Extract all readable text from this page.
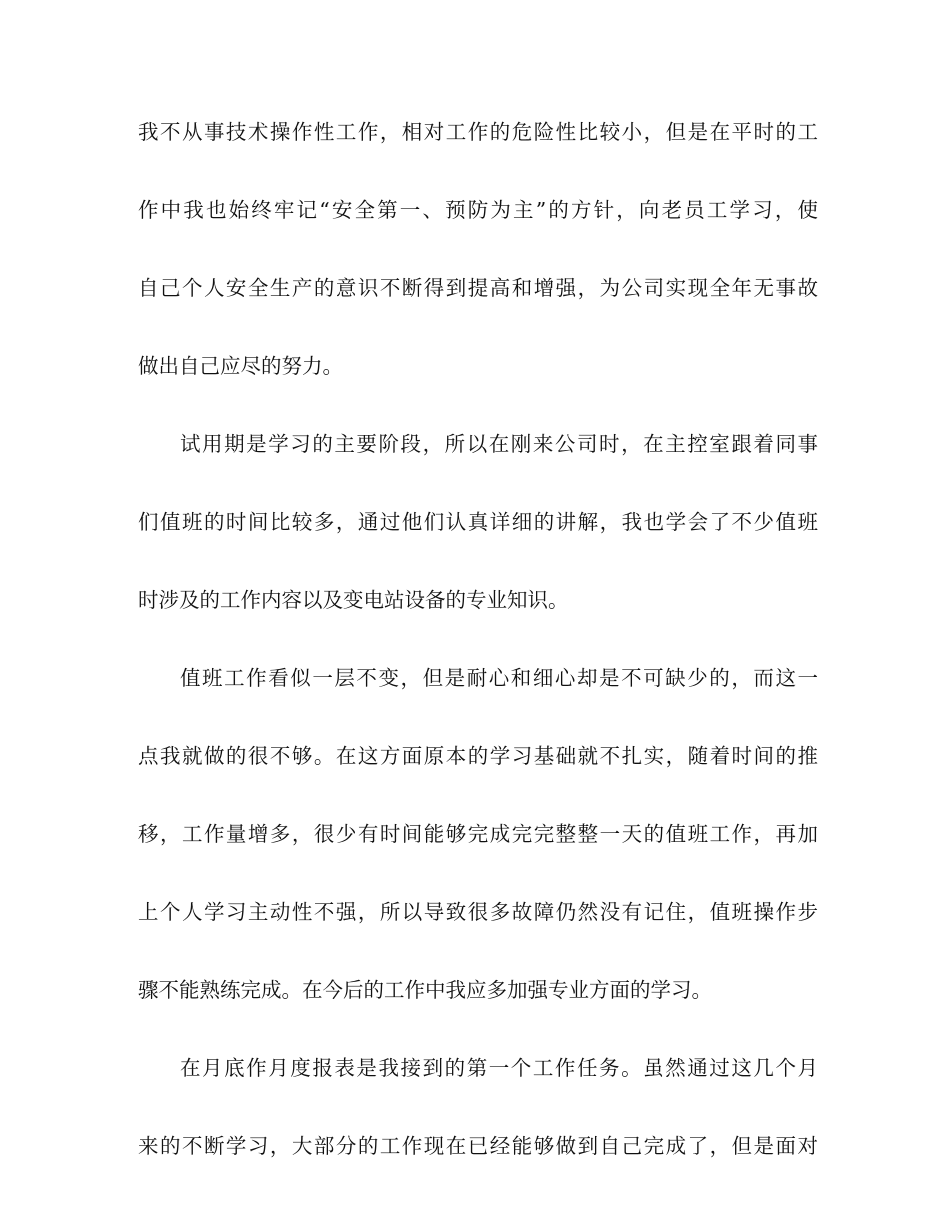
我不从事技术操作性工作，相对工作的危险性比较小，但是在平时的工
作中我也始终牢记“安全第一、预防为主”的方针，向老员工学习，使
自己个人安全生产的意识不断得到提高和增强，为公司实现全年无事故
做出自己应尽的努力。
试用期是学习的主要阶段，所以在刚来公司时，在主控室跟着同事
们值班的时间比较多，通过他们认真详细的讲解，我也学会了不少值班
时涉及的工作内容以及变电站设备的专业知识。
值班工作看似一层不变，但是耐心和细心却是不可缺少的，而这一
点我就做的很不够。在这方面原本的学习基础就不扎实，随着时间的推
移，工作量增多，很少有时间能够完成完完整整一天的值班工作，再加
上个人学习主动性不强，所以导致很多故障仍然没有记住，值班操作步
骤不能熟练完成。在今后的工作中我应多加强专业方面的学习。
在月底作月度报表是我接到的第一个工作任务。虽然通过这几个月
来的不断学习，大部分的工作现在已经能够做到自己完成了，但是面对
